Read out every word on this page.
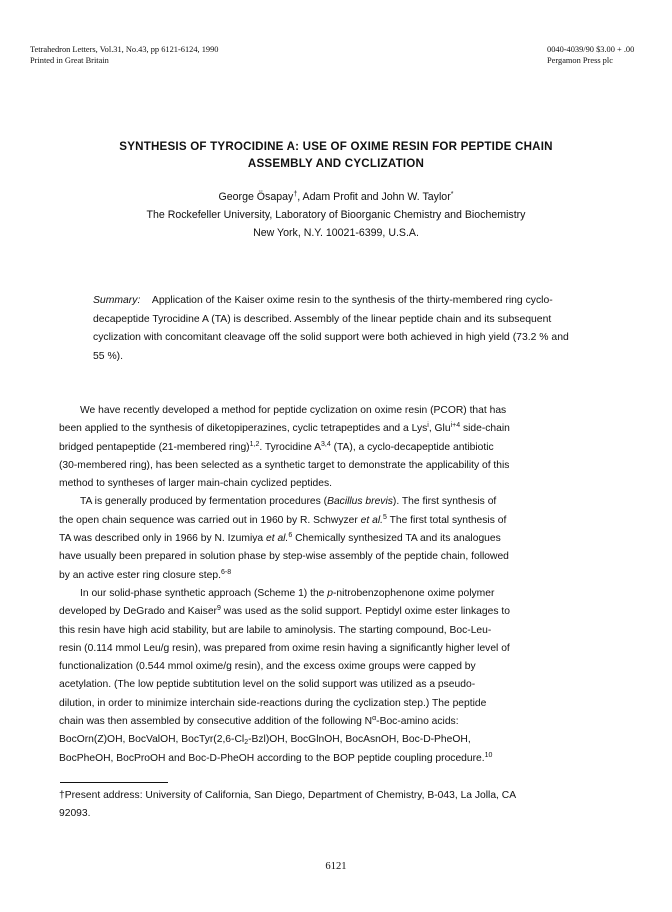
Tetrahedron Letters, Vol.31, No.43, pp 6121-6124, 1990
Printed in Great Britain
0040-4039/90 $3.00 + .00
Pergamon Press plc
SYNTHESIS OF TYROCIDINE A: USE OF OXIME RESIN FOR PEPTIDE CHAIN
ASSEMBLY AND CYCLIZATION
George Ösapay†, Adam Profit and John W. Taylor*
The Rockefeller University, Laboratory of Bioorganic Chemistry and Biochemistry
New York, N.Y. 10021-6399, U.S.A.
Summary: Application of the Kaiser oxime resin to the synthesis of the thirty-membered ring cyclo-decapeptide Tyrocidine A (TA) is described. Assembly of the linear peptide chain and its subsequent cyclization with concomitant cleavage off the solid support were both achieved in high yield (73.2 % and 55 %).
We have recently developed a method for peptide cyclization on oxime resin (PCOR) that has
been applied to the synthesis of diketopiperazines, cyclic tetrapeptides and a Lys$^i$, Glu$^{i+4}$ side-chain
bridged pentapeptide (21-membered ring)$^{1,2}$. Tyrocidine A$^{3,4}$ (TA), a cyclo-decapeptide antibiotic
(30-membered ring), has been selected as a synthetic target to demonstrate the applicability of this
method to syntheses of larger main-chain cyclized peptides.
TA is generally produced by fermentation procedures (Bacillus brevis). The first synthesis of
the open chain sequence was carried out in 1960 by R. Schwyzer et al.$^5$ The first total synthesis of
TA was described only in 1966 by N. Izumiya et al.$^6$ Chemically synthesized TA and its analogues
have usually been prepared in solution phase by step-wise assembly of the peptide chain, followed
by an active ester ring closure step.$^{6-8}$
In our solid-phase synthetic approach (Scheme 1) the p-nitrobenzophenone oxime polymer
developed by DeGrado and Kaiser$^9$ was used as the solid support. Peptidyl oxime ester linkages to
this resin have high acid stability, but are labile to aminolysis. The starting compound, Boc-Leu-
resin (0.114 mmol Leu/g resin), was prepared from oxime resin having a significantly higher level of
functionalization (0.544 mmol oxime/g resin), and the excess oxime groups were capped by
acetylation. (The low peptide subtitution level on the solid support was utilized as a pseudo-
dilution, in order to minimize interchain side-reactions during the cyclization step.) The peptide
chain was then assembled by consecutive addition of the following $N^\alpha-Boc$-amino acids:
BocOrn(Z)OH, BocValOH, $BocTyr(2,6-Cl_2-Bzl)OH$, BocGlnOH, BocAsnOH, Boc-D-PheOH,
BocPheOH, BocProOH and Boc-D-PheOH according to the BOP peptide coupling procedure.$^{10}$
†Present address: University of California, San Diego, Department of Chemistry, B-043, La Jolla, CA
92093.
6121
